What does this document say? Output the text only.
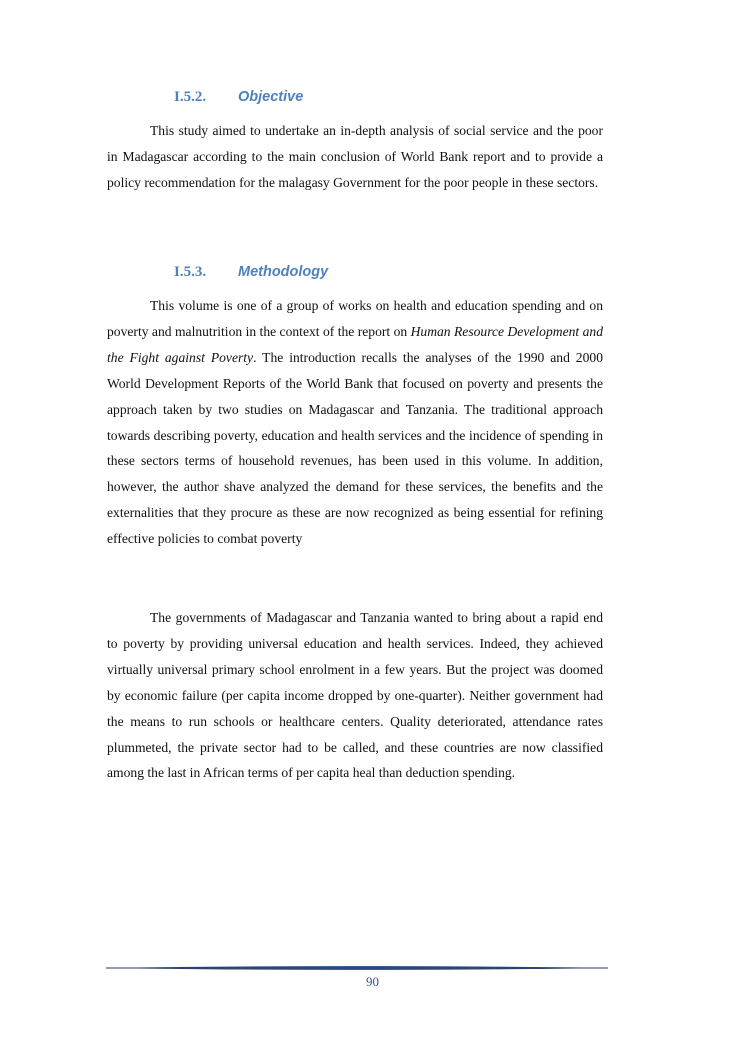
I.5.2.	Objective

This study aimed to undertake an in-depth analysis of social service and the poor in Madagascar according to the main conclusion of World Bank report and to provide a policy recommendation for the malagasy Government for the poor people in these sectors.

I.5.3.	Methodology

This volume is one of a group of works on health and education spending and on poverty and malnutrition in the context of the report on Human Resource Development and the Fight against Poverty. The introduction recalls the analyses of the 1990 and 2000 World Development Reports of the World Bank that focused on poverty and presents the approach taken by two studies on Madagascar and Tanzania. The traditional approach towards describing poverty, education and health services and the incidence of spending in these sectors terms of household revenues, has been used in this volume. In addition, however, the author shave analyzed the demand for these services, the benefits and the externalities that they procure as these are now recognized as being essential for refining effective policies to combat poverty

The governments of Madagascar and Tanzania wanted to bring about a rapid end to poverty by providing universal education and health services. Indeed, they achieved virtually universal primary school enrolment in a few years. But the project was doomed by economic failure (per capita income dropped by one-quarter). Neither government had the means to run schools or healthcare centers. Quality deteriorated, attendance rates plummeted, the private sector had to be called, and these countries are now classified among the last in African terms of per capita heal than deduction spending.

90
